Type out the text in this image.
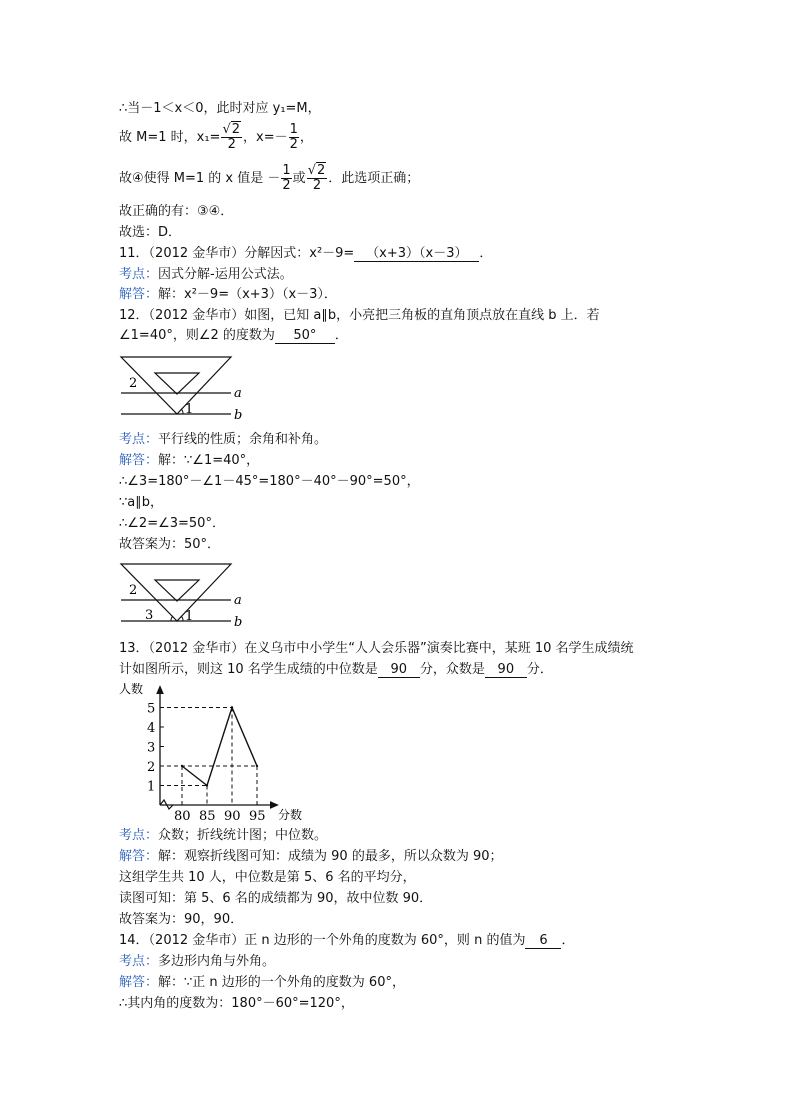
∴当－1＜x＜0，此时对应 y₁=M，
故 M=1 时，$x_1= \frac{√2}{2}$ ，$x=- \frac{1}{2}$ ，
故④使得 M=1 的 x 值是 － $\frac{1}{2}$ 或 $\frac{√2}{2}$ ．此选项正确；
故正确的有：③④．
故选：D．
11．（2012 金华市）分解因式：x²－9= （x+3）（x－3） ．
考点：因式分解-运用公式法。
解答：解：x²－9=（x+3）（x－3）．
12．（2012 金华市）如图，已知 a∥b，小亮把三角板的直角顶点放在直线 b 上．若
∠1=40°，则∠2 的度数为 50° ．
2
1
a
b
考点：平行线的性质；余角和补角。
解答：解：∵∠1=40°，
∴∠3=180°－∠1－45°=180°－40°－90°=50°，
∵a∥b，
∴∠2=∠3=50°．
故答案为：50°．
2
3 1
a
b
13．（2012 金华市）在义乌市中小学生“人人会乐器”演奏比赛中，某班 10 名学生成绩统
计如图所示，则这 10 名学生成绩的中位数是 90 分，众数是 90 分．
人数
分数
1
2
3
4
5
80 85 90 95
考点：众数；折线统计图；中位数。
解答：解：观察折线图可知：成绩为 90 的最多，所以众数为 90；
这组学生共 10 人，中位数是第 5、6 名的平均分，
读图可知：第 5、6 名的成绩都为 90，故中位数 90．
故答案为：90，90．
14．（2012 金华市）正 n 边形的一个外角的度数为 60°，则 n 的值为 6 ．
考点：多边形内角与外角。
解答：解：∵正 n 边形的一个外角的度数为 60°，
∴其内角的度数为：180°－60°=120°，
